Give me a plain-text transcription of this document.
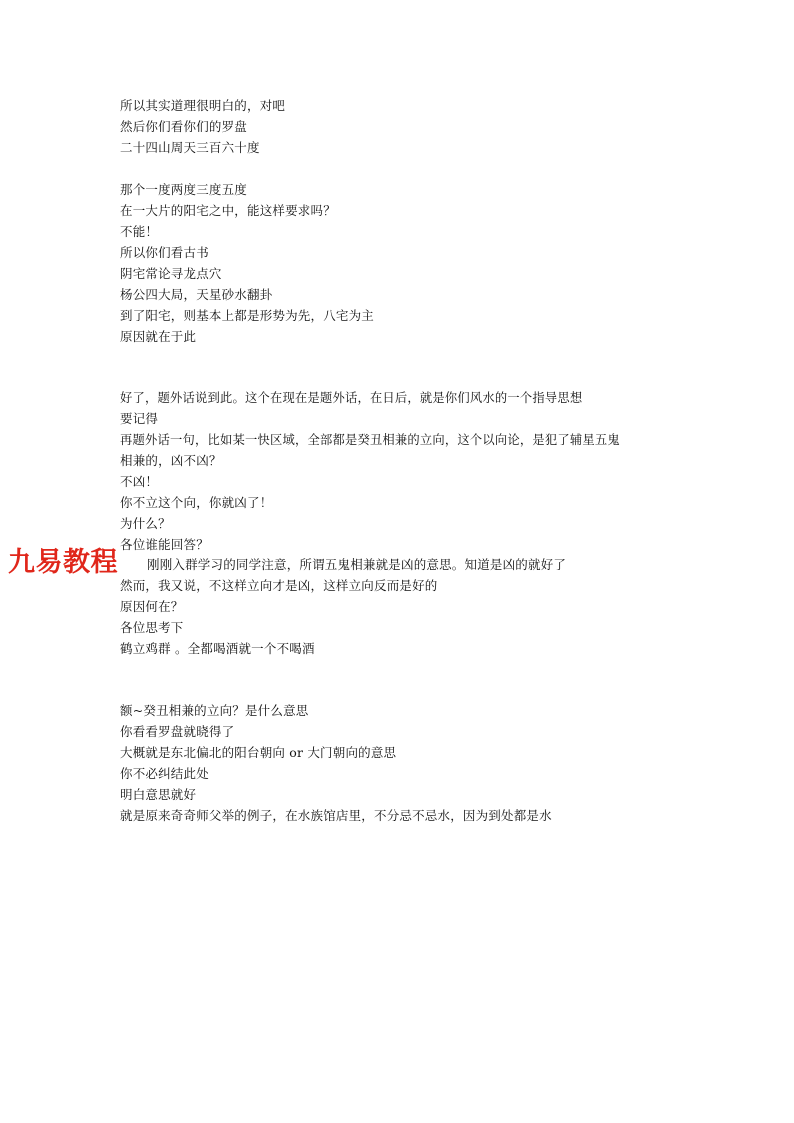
所以其实道理很明白的，对吧
然后你们看你们的罗盘
二十四山周天三百六十度
那个一度两度三度五度
在一大片的阳宅之中，能这样要求吗？
不能！
所以你们看古书
阴宅常论寻龙点穴
杨公四大局，天星砂水翻卦
到了阳宅，则基本上都是形势为先，八宅为主
原因就在于此
好了，题外话说到此。这个在现在是题外话，在日后，就是你们风水的一个指导思想
要记得
再题外话一句，比如某一快区域，全部都是癸丑相兼的立向，这个以向论，是犯了辅星五鬼
相兼的，凶不凶？
不凶！
你不立这个向，你就凶了！
为什么？
各位谁能回答？
刚刚入群学习的同学注意，所谓五鬼相兼就是凶的意思。知道是凶的就好了
然而，我又说，不这样立向才是凶，这样立向反而是好的
原因何在？
各位思考下
鹤立鸡群 。全都喝酒就一个不喝酒
额~癸丑相兼的立向？是什么意思
你看看罗盘就晓得了
大概就是东北偏北的阳台朝向 or 大门朝向的意思
你不必纠结此处
明白意思就好
就是原来奇奇师父举的例子，在水族馆店里，不分忌不忌水，因为到处都是水
九易教程
